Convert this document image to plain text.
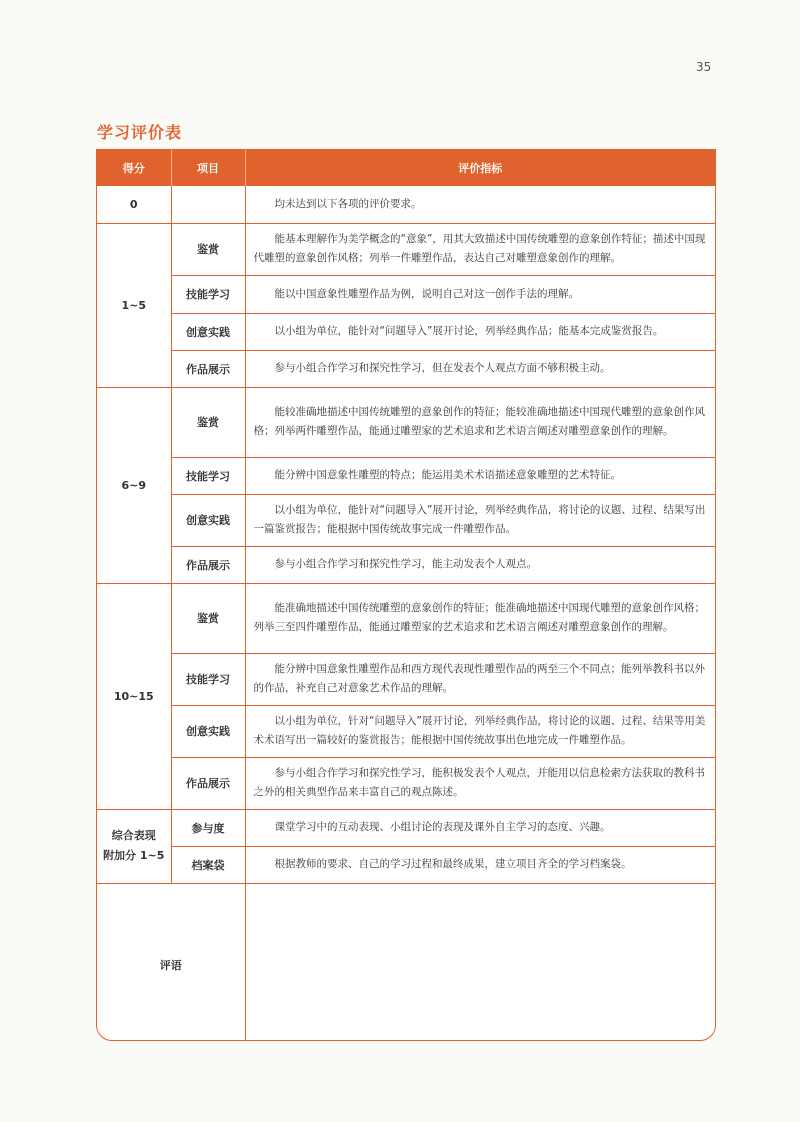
35
学习评价表
得分	项目	评价指标
0		均未达到以下各项的评价要求。
1~5	鉴赏	能基本理解作为美学概念的“意象”，用其大致描述中国传统雕塑的意象创作特征；描述中国现代雕塑的意象创作风格；列举一件雕塑作品，表达自己对雕塑意象创作的理解。
	技能学习	能以中国意象性雕塑作品为例，说明自己对这一创作手法的理解。
	创意实践	以小组为单位，能针对“问题导入”展开讨论，列举经典作品；能基本完成鉴赏报告。
	作品展示	参与小组合作学习和探究性学习，但在发表个人观点方面不够积极主动。
6~9	鉴赏	能较准确地描述中国传统雕塑的意象创作的特征；能较准确地描述中国现代雕塑的意象创作风格；列举两件雕塑作品，能通过雕塑家的艺术追求和艺术语言阐述对雕塑意象创作的理解。
	技能学习	能分辨中国意象性雕塑的特点；能运用美术术语描述意象雕塑的艺术特征。
	创意实践	以小组为单位，能针对“问题导入”展开讨论，列举经典作品，将讨论的议题、过程、结果写出一篇鉴赏报告；能根据中国传统故事完成一件雕塑作品。
	作品展示	参与小组合作学习和探究性学习，能主动发表个人观点。
10~15	鉴赏	能准确地描述中国传统雕塑的意象创作的特征；能准确地描述中国现代雕塑的意象创作风格；列举三至四件雕塑作品，能通过雕塑家的艺术追求和艺术语言阐述对雕塑意象创作的理解。
	技能学习	能分辨中国意象性雕塑作品和西方现代表现性雕塑作品的两至三个不同点；能列举教科书以外的作品，补充自己对意象艺术作品的理解。
	创意实践	以小组为单位，针对“问题导入”展开讨论，列举经典作品，将讨论的议题、过程、结果等用美术术语写出一篇较好的鉴赏报告；能根据中国传统故事出色地完成一件雕塑作品。
	作品展示	参与小组合作学习和探究性学习，能积极发表个人观点，并能用以信息检索方法获取的教科书之外的相关典型作品来丰富自己的观点陈述。

综合表现
附加分 1~5	参与度	课堂学习中的互动表现、小组讨论的表现及课外自主学习的态度、兴趣。
	档案袋	根据教师的要求、自己的学习过程和最终成果，建立项目齐全的学习档案袋。
评语		
